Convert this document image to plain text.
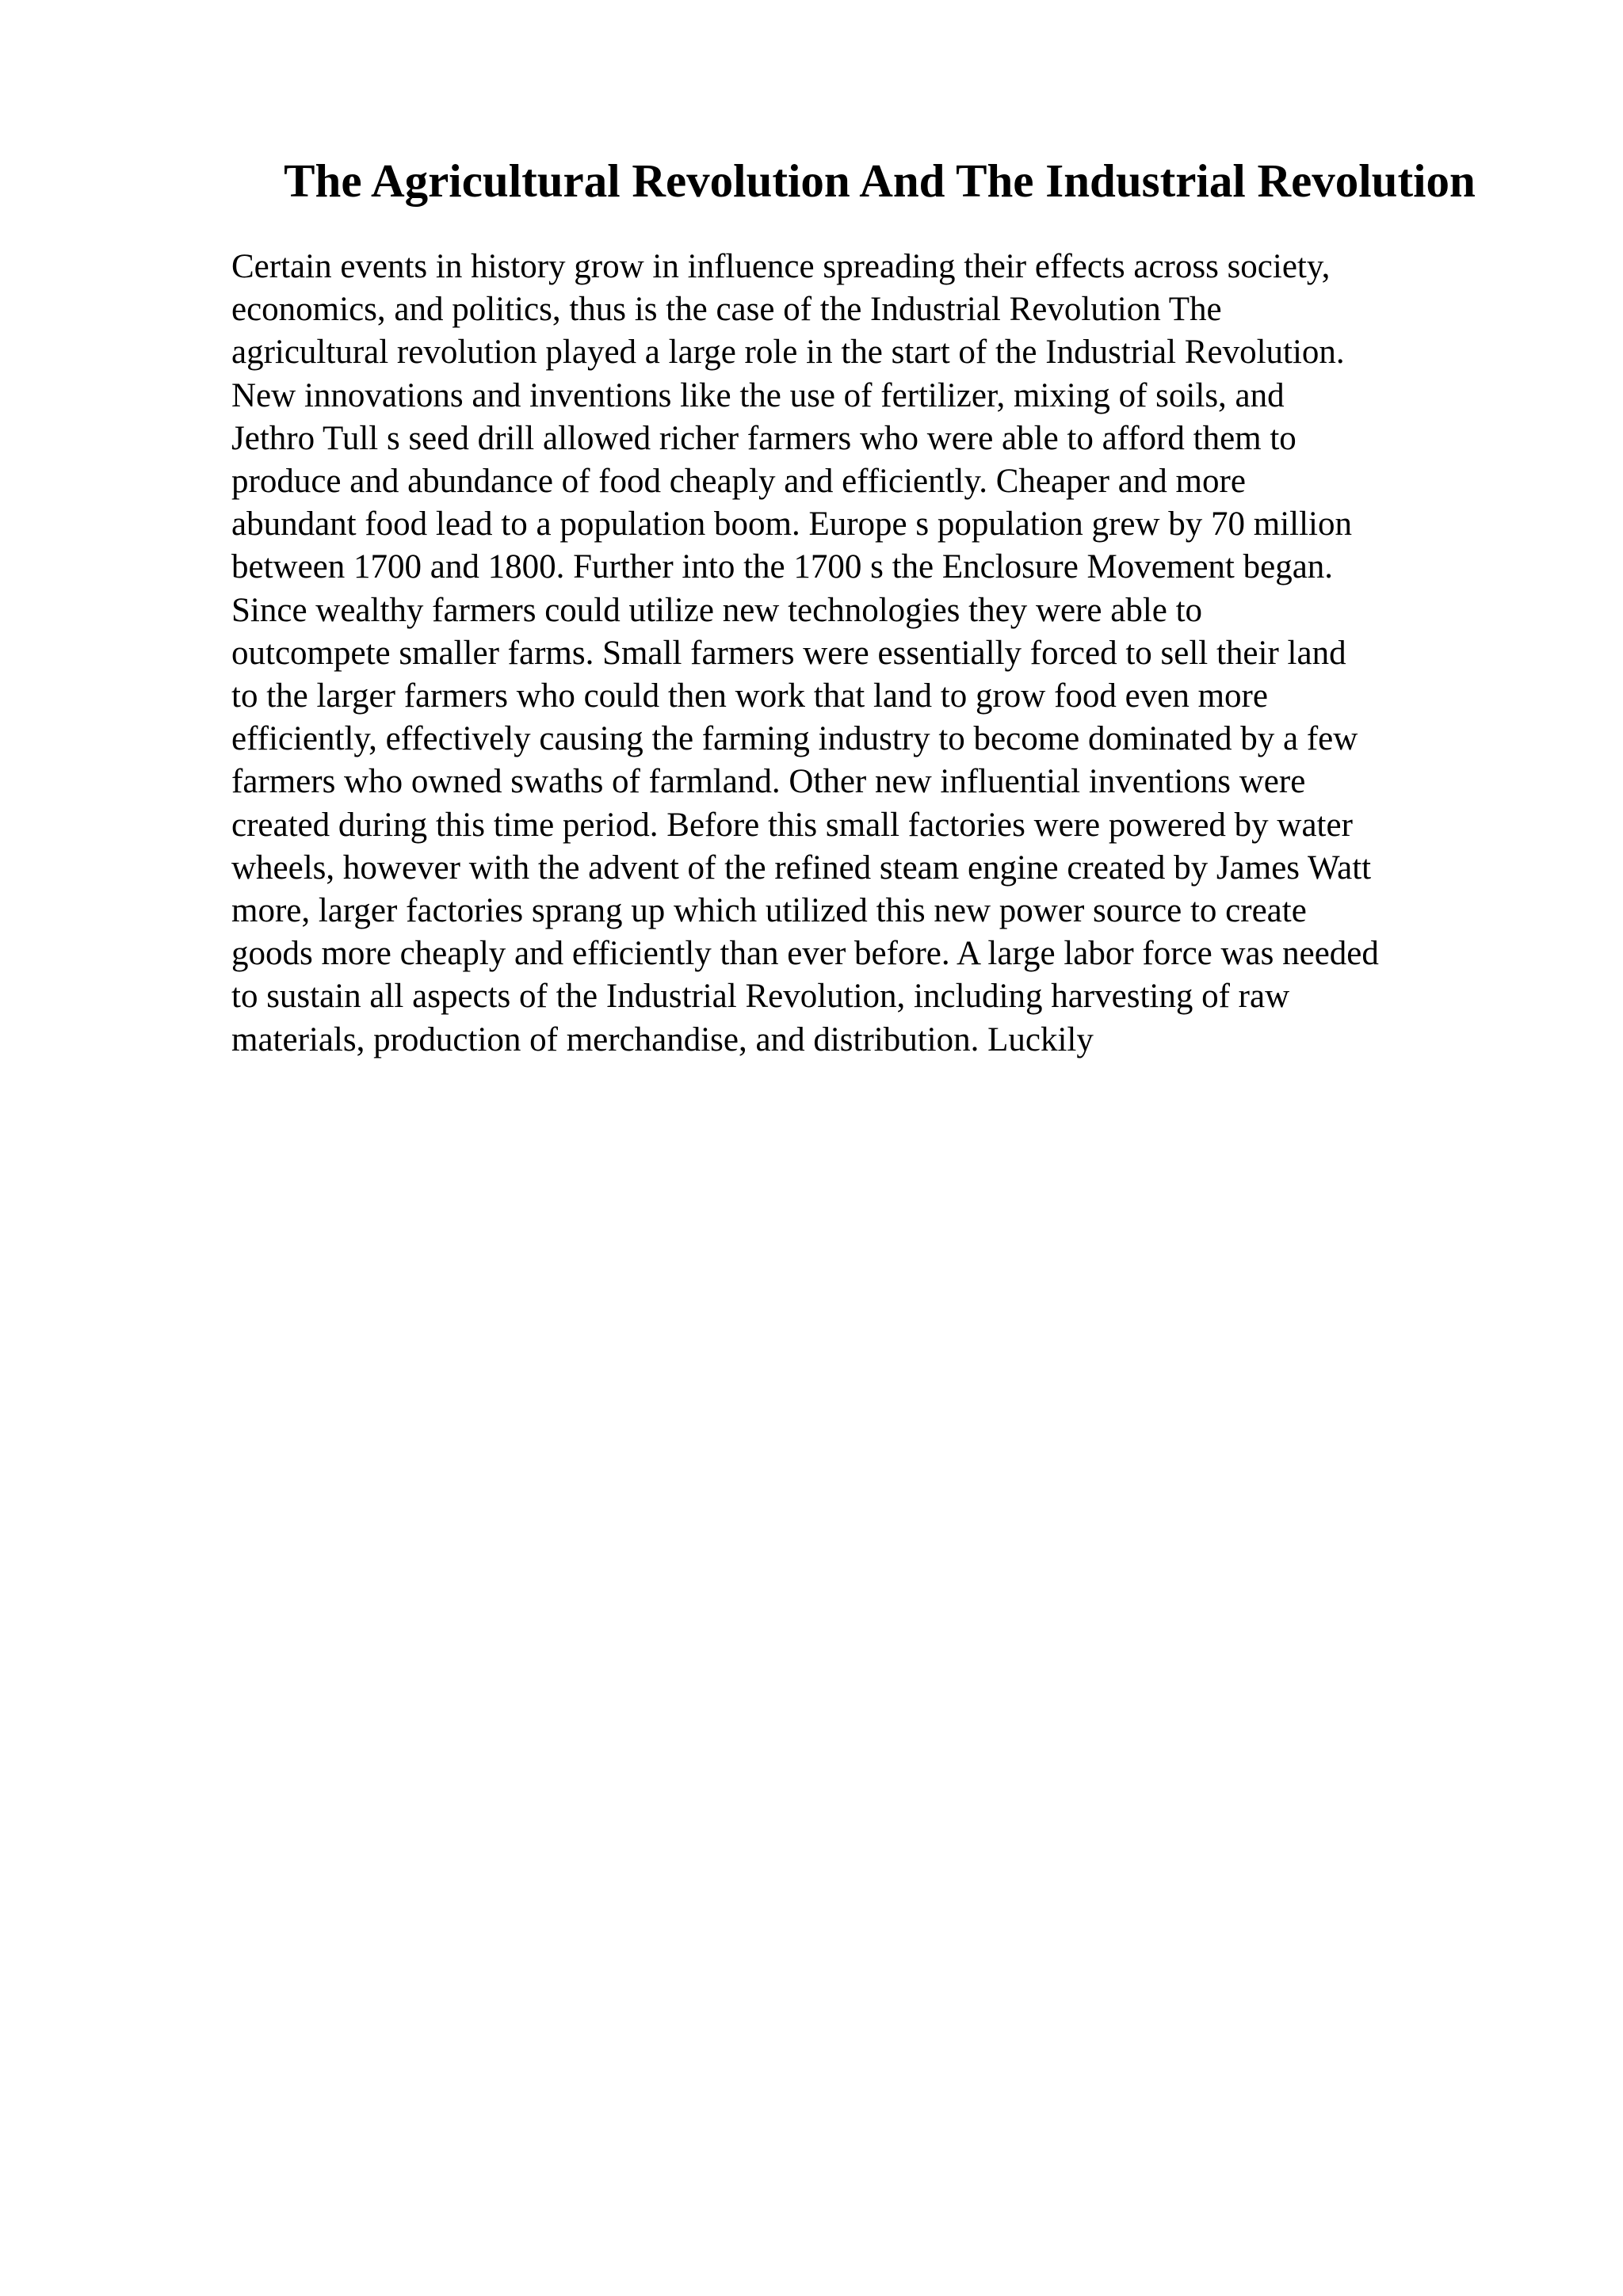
The Agricultural Revolution And The Industrial Revolution
Certain events in history grow in influence spreading their effects across society,
economics, and politics, thus is the case of the Industrial Revolution The
agricultural revolution played a large role in the start of the Industrial Revolution.
New innovations and inventions like the use of fertilizer, mixing of soils, and
Jethro Tull s seed drill allowed richer farmers who were able to afford them to
produce and abundance of food cheaply and efficiently. Cheaper and more
abundant food lead to a population boom. Europe s population grew by 70 million
between 1700 and 1800. Further into the 1700 s the Enclosure Movement began.
Since wealthy farmers could utilize new technologies they were able to
outcompete smaller farms. Small farmers were essentially forced to sell their land
to the larger farmers who could then work that land to grow food even more
efficiently, effectively causing the farming industry to become dominated by a few
farmers who owned swaths of farmland. Other new influential inventions were
created during this time period. Before this small factories were powered by water
wheels, however with the advent of the refined steam engine created by James Watt
more, larger factories sprang up which utilized this new power source to create
goods more cheaply and efficiently than ever before. A large labor force was needed
to sustain all aspects of the Industrial Revolution, including harvesting of raw
materials, production of merchandise, and distribution. Luckily
